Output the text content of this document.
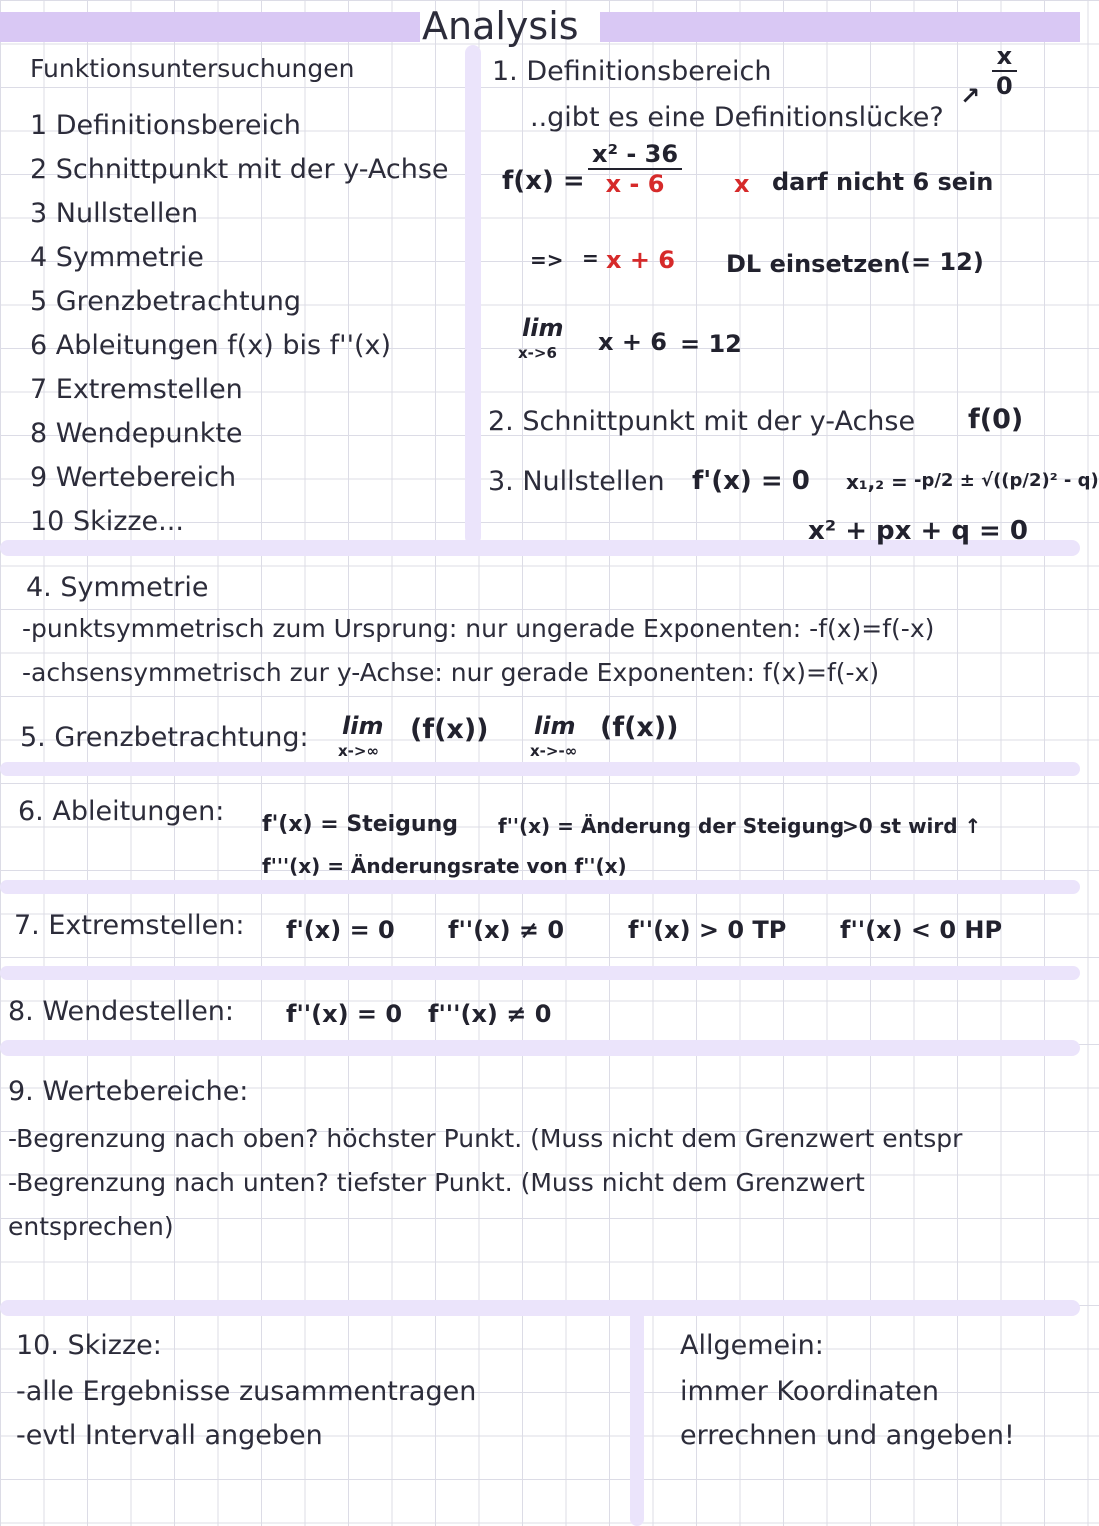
Analysis
Funktionsuntersuchungen
1 Definitionsbereich
2 Schnittpunkt mit der y-Achse
3 Nullstellen
4 Symmetrie
5 Grenzbetrachtung
6 Ableitungen f(x) bis f''(x)
7 Extremstellen
8 Wendepunkte
9 Wertebereich
10 Skizze...
1. Definitionsbereich
..gibt es eine Definitionslücke?
$\frac{x}{0}$
↗
$f(x) = \frac{\text{x² - 36}}{x - 6}$ x darf nicht 6 sein
=> = x + 6 DL einsetzen (= 12)
lim
x->6 x + 6 = 12
2. Schnittpunkt mit der y-Achse f(0)
3. Nullstellen f'(x) = 0 x₁,₂ = -p/2 ± √((p/2)² - q)
x² + px + q = 0
4. Symmetrie
-punktsymmetrisch zum Ursprung: nur ungerade Exponenten: -f(x)=f(-x)
-achsensymmetrisch zur y-Achse: nur gerade Exponenten: f(x)=f(-x)
5. Grenzbetrachtung: lim
x->∞
(f(x)) lim
x->-∞
(f(x))
6. Ableitungen: f'(x) = Steigung f''(x) = Änderung der Steigung
>0 st wird ↑
f'''(x) = Änderungsrate von f''(x)
7. Extremstellen: f'(x) = 0 f''(x) ≠ 0	f''(x) > 0 TP f''(x) < 0 HP
8. Wendestellen: f''(x) = 0 f'''(x) ≠ 0
9. Wertebereiche:
-Begrenzung nach oben? höchster Punkt. (Muss nicht dem Grenzwert entspr
-Begrenzung nach unten? tiefster Punkt. (Muss nicht dem Grenzwert
entsprechen)
10. Skizze:
-alle Ergebnisse zusammentragen
-evtl Intervall angeben
Allgemein:
immer Koordinaten
errechnen und angeben!
